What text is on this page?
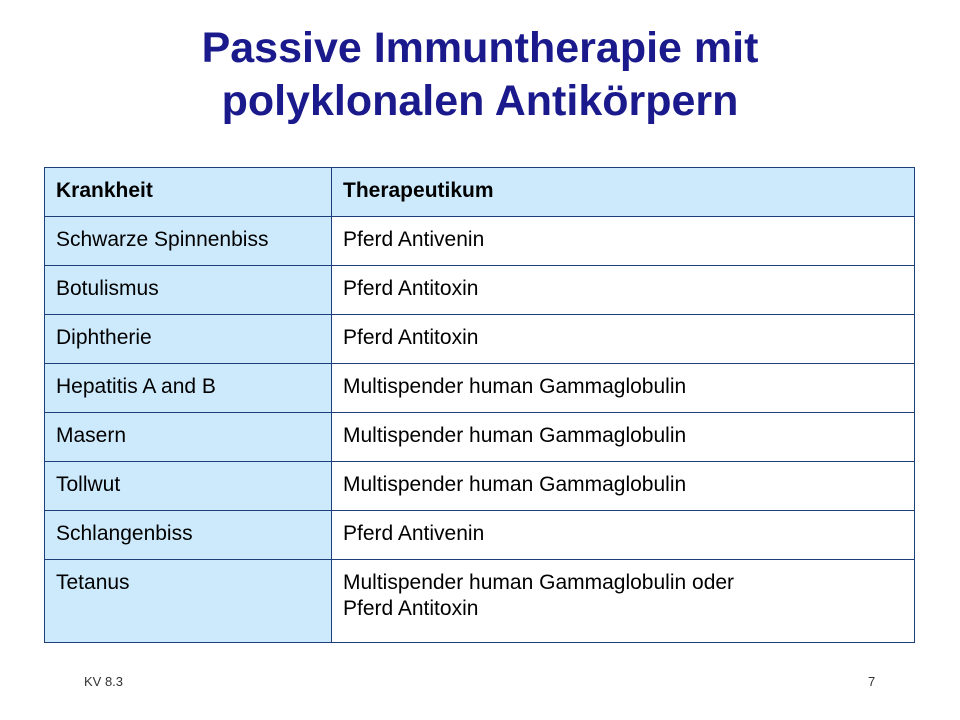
Passive Immuntherapie mit
polyklonalen Antikörpern
Krankheit	Therapeutikum
Schwarze Spinnenbiss	Pferd Antivenin
Botulismus	Pferd Antitoxin
Diphtherie	Pferd Antitoxin
Hepatitis A and B	Multispender human Gammaglobulin
Masern	Multispender human Gammaglobulin
Tollwut	Multispender human Gammaglobulin
Schlangenbiss	Pferd Antivenin
Tetanus	Multispender human Gammaglobulin oder
Pferd Antitoxin
KV 8.3	7
